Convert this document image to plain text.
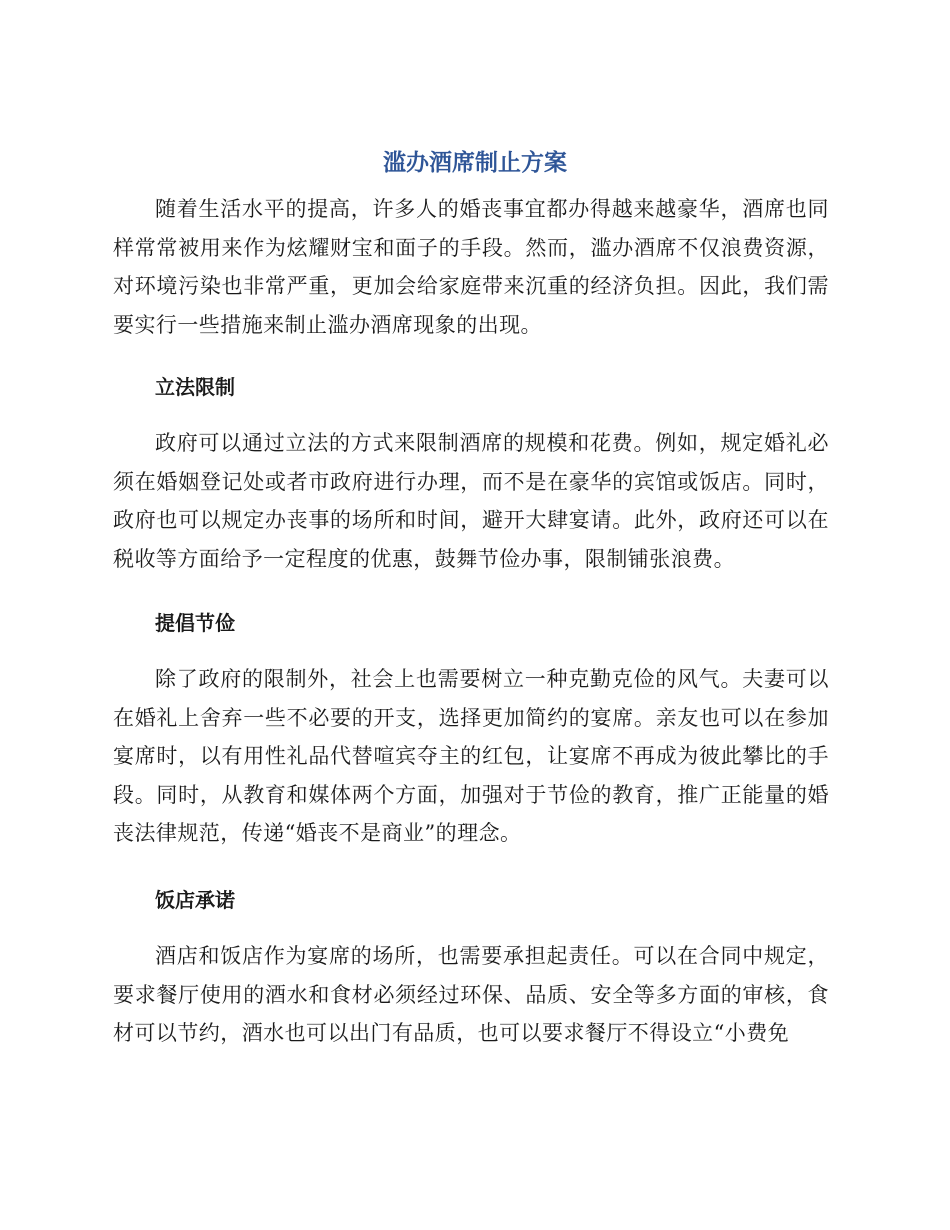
滥办酒席制止方案

随着生活水平的提高，许多人的婚丧事宜都办得越来越豪华，酒席也同样常常被用来作为炫耀财宝和面子的手段。然而，滥办酒席不仅浪费资源，对环境污染也非常严重，更加会给家庭带来沉重的经济负担。因此，我们需要实行一些措施来制止滥办酒席现象的出现。

立法限制

政府可以通过立法的方式来限制酒席的规模和花费。例如，规定婚礼必须在婚姻登记处或者市政府进行办理，而不是在豪华的宾馆或饭店。同时，政府也可以规定办丧事的场所和时间，避开大肆宴请。此外，政府还可以在税收等方面给予一定程度的优惠，鼓舞节俭办事，限制铺张浪费。

提倡节俭

除了政府的限制外，社会上也需要树立一种克勤克俭的风气。夫妻可以在婚礼上舍弃一些不必要的开支，选择更加简约的宴席。亲友也可以在参加宴席时，以有用性礼品代替喧宾夺主的红包，让宴席不再成为彼此攀比的手段。同时，从教育和媒体两个方面，加强对于节俭的教育，推广正能量的婚丧法律规范，传递“婚丧不是商业”的理念。

饭店承诺

酒店和饭店作为宴席的场所，也需要承担起责任。可以在合同中规定，要求餐厅使用的酒水和食材必须经过环保、品质、安全等多方面的审核，食材可以节约，酒水也可以出门有品质，也可以要求餐厅不得设立“小费免
